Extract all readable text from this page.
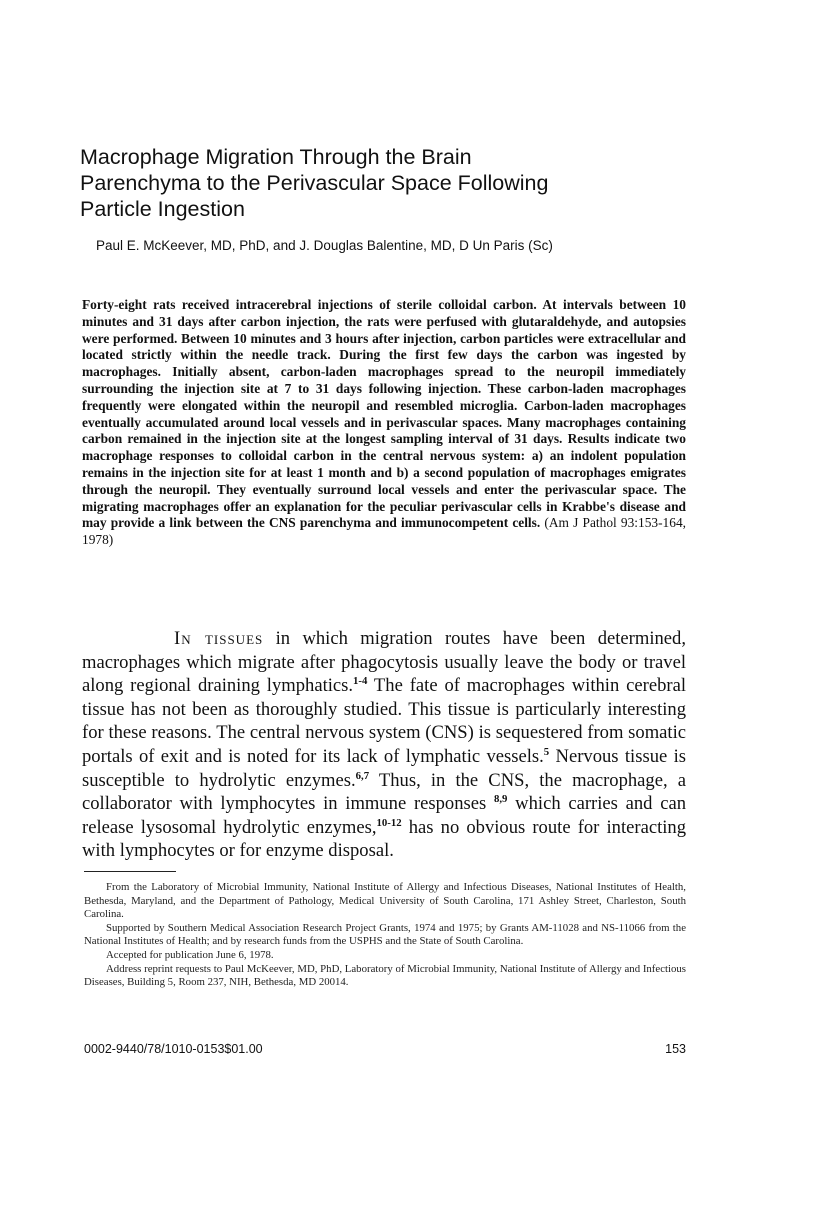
Macrophage Migration Through the Brain
Parenchyma to the Perivascular Space Following
Particle Ingestion
Paul E. McKeever, MD, PhD, and J. Douglas Balentine, MD, D Un Paris (Sc)

Forty-eight rats received intracerebral injections of sterile colloidal carbon. At intervals between 10 minutes and 31 days after carbon injection, the rats were perfused with glutaraldehyde, and autopsies were performed. Between 10 minutes and 3 hours after injection, carbon particles were extracellular and located strictly within the needle track. During the first few days the carbon was ingested by macrophages. Initially absent, carbon-laden macrophages spread to the neuropil immediately surrounding the injection site at 7 to 31 days following injection. These carbon-laden macrophages frequently were elongated within the neuropil and resembled microglia. Carbon-laden macrophages eventually accumulated around local vessels and in perivascular spaces. Many macrophages containing carbon remained in the injection site at the longest sampling interval of 31 days. Results indicate two macrophage responses to colloidal carbon in the central nervous system: a) an indolent population remains in the injection site for at least 1 month and b) a second population of macrophages emigrates through the neuropil. They eventually surround local vessels and enter the perivascular space. The migrating macrophages offer an explanation for the peculiar perivascular cells in Krabbe's disease and may provide a link between the CNS parenchyma and immunocompetent cells. (Am J Pathol 93:153-164, 1978)

In tissues in which migration routes have been determined, macrophages which migrate after phagocytosis usually leave the body or travel along regional draining lymphatics.$^{1-4}$ The fate of macrophages within cerebral tissue has not been as thoroughly studied. This tissue is particularly interesting for these reasons. The central nervous system (CNS) is sequestered from somatic portals of exit and is noted for its lack of lymphatic vessels.$^5$ Nervous tissue is susceptible to hydrolytic enzymes.$^{6,7}$ Thus, in the CNS, the macrophage, a collaborator with lymphocytes in immune responses $^{8,9}$ which carries and can release lysosomal hydrolytic enzymes,$^{10-12}$ has no obvious route for interacting with lymphocytes or for enzyme disposal.

From the Laboratory of Microbial Immunity, National Institute of Allergy and Infectious Diseases, National Institutes of Health, Bethesda, Maryland, and the Department of Pathology, Medical University of South Carolina, 171 Ashley Street, Charleston, South Carolina.

Supported by Southern Medical Association Research Project Grants, 1974 and 1975; by Grants AM-11028 and NS-11066 from the National Institutes of Health; and by research funds from the USPHS and the State of South Carolina.

Accepted for publication June 6, 1978.

Address reprint requests to Paul McKeever, MD, PhD, Laboratory of Microbial Immunity, National Institute of Allergy and Infectious Diseases, Building 5, Room 237, NIH, Bethesda, MD 20014.

0002-9440/78/1010-0153$01.00	153
